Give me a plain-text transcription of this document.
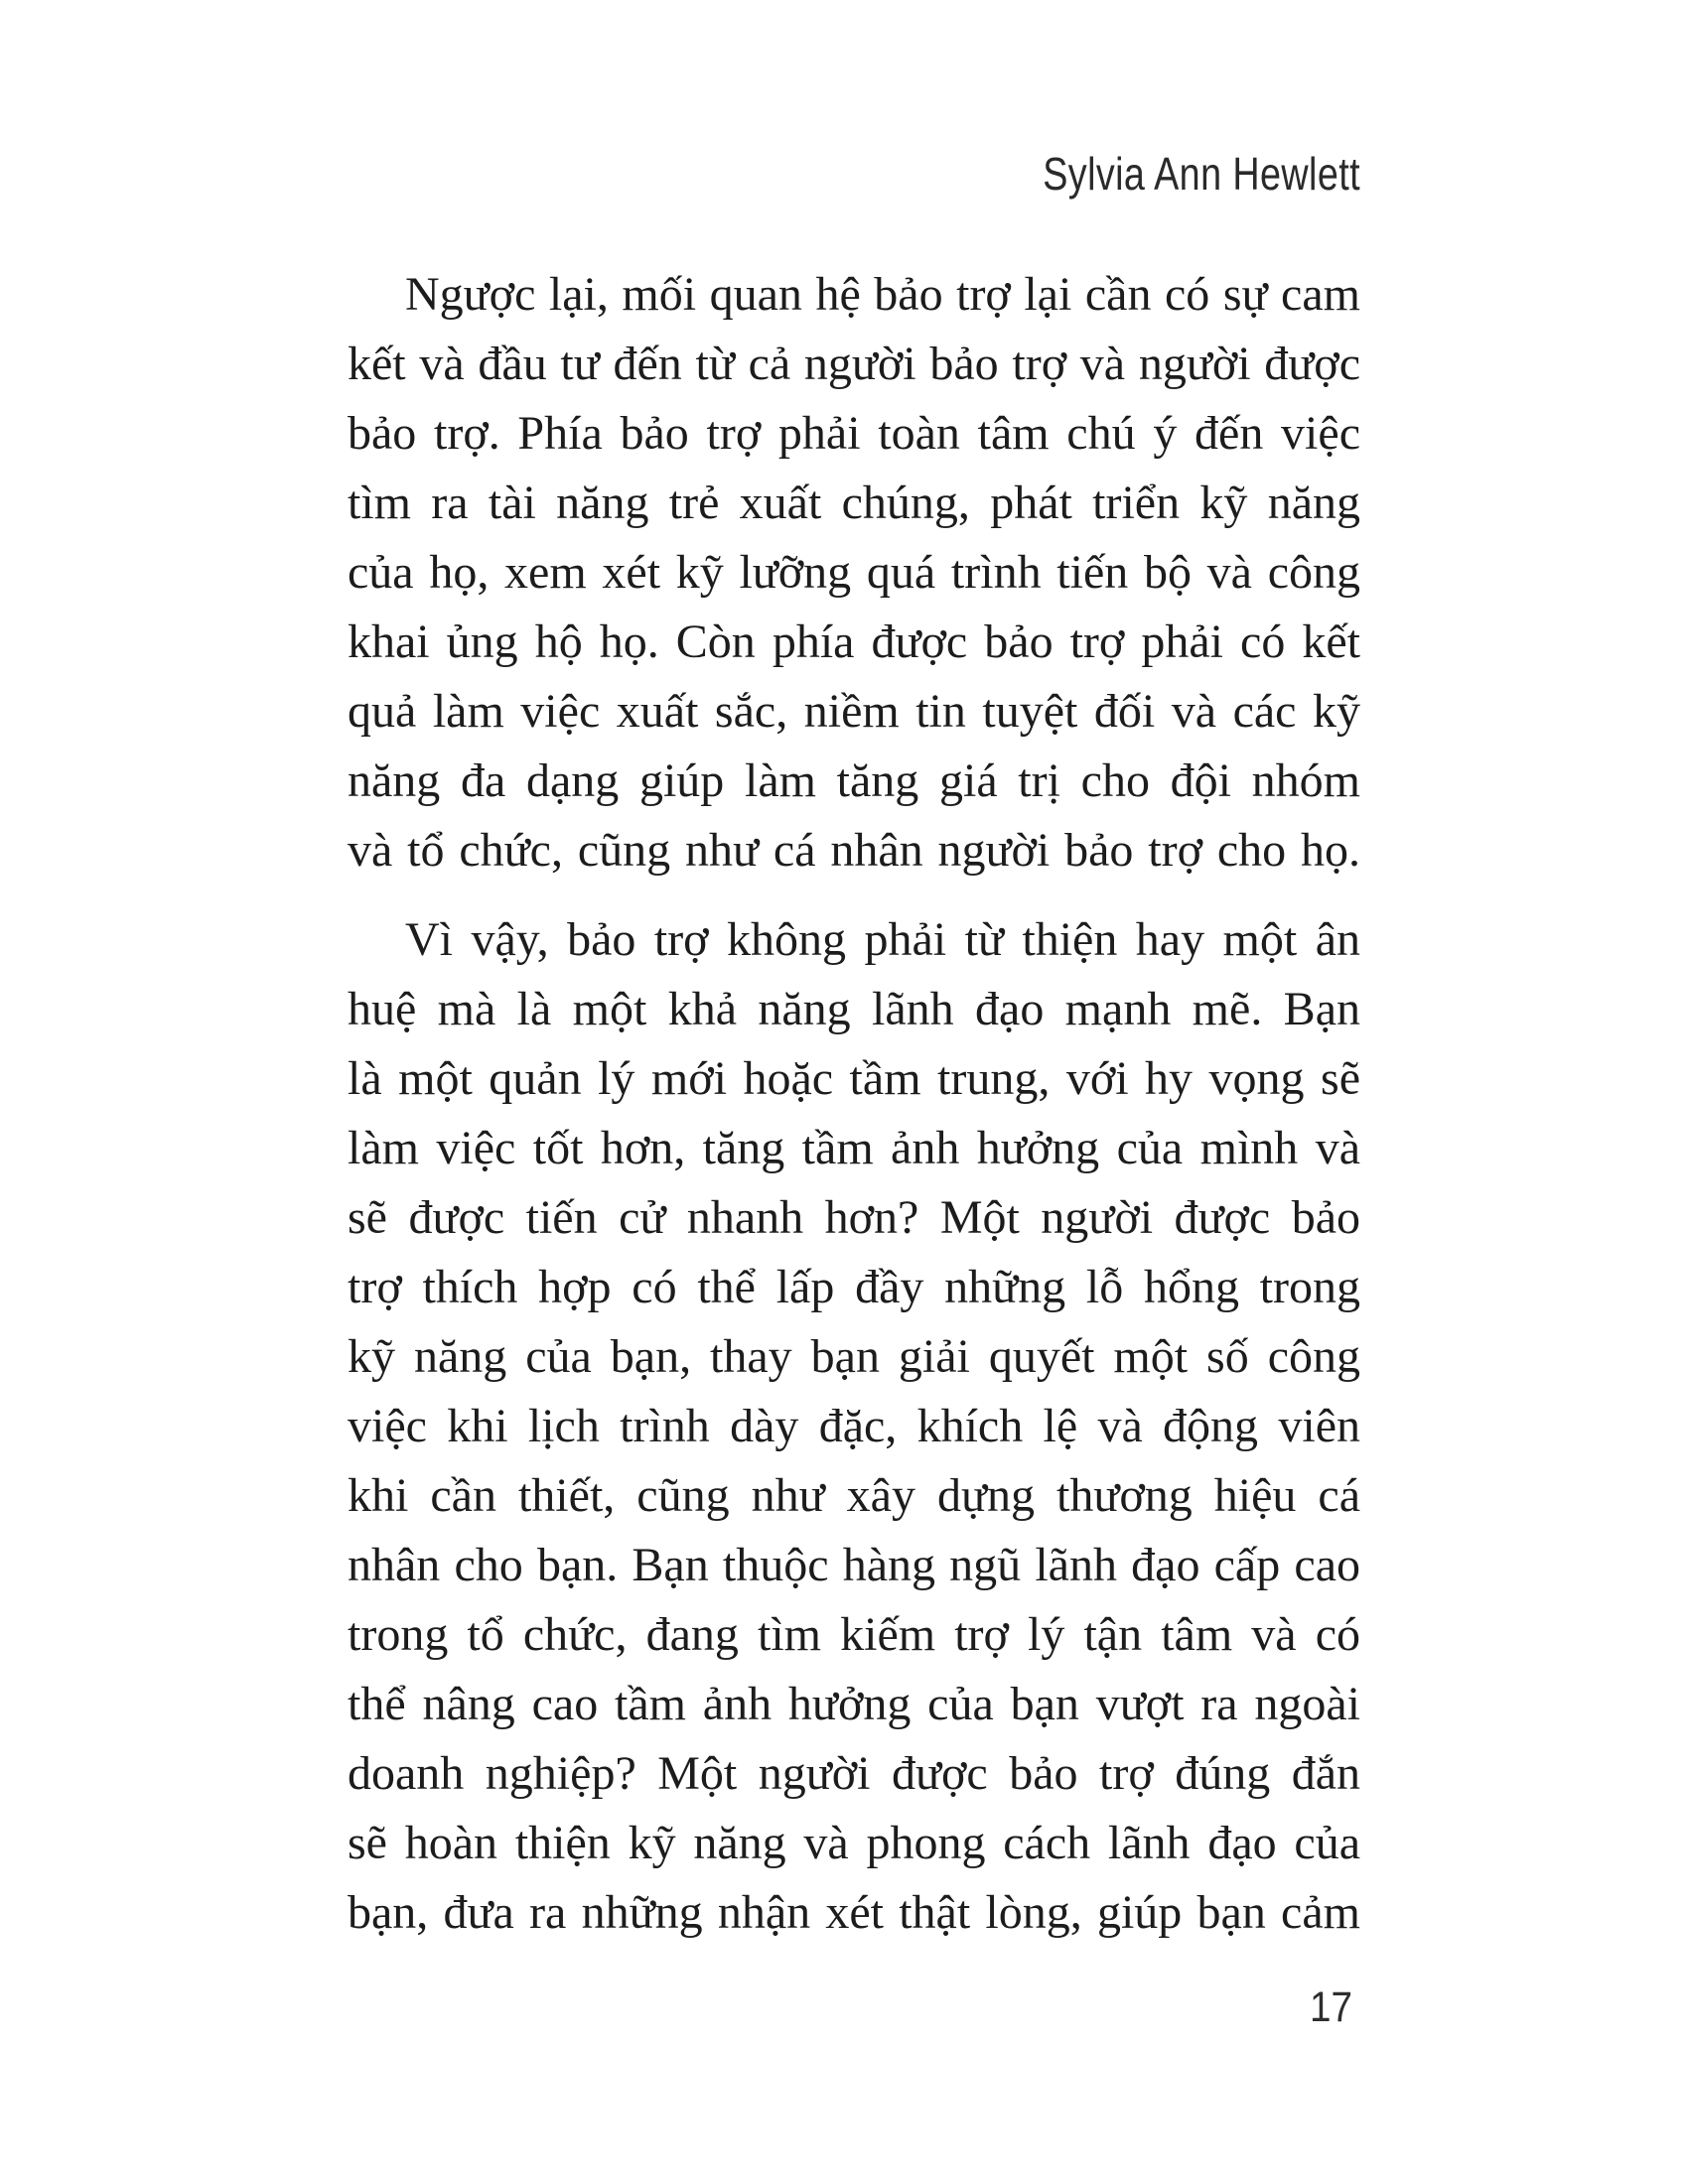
Sylvia Ann Hewlett
Ngược lại, mối quan hệ bảo trợ lại cần có sự cam
kết và đầu tư đến từ cả người bảo trợ và người được
bảo trợ. Phía bảo trợ phải toàn tâm chú ý đến việc
tìm ra tài năng trẻ xuất chúng, phát triển kỹ năng
của họ, xem xét kỹ lưỡng quá trình tiến bộ và công
khai ủng hộ họ. Còn phía được bảo trợ phải có kết
quả làm việc xuất sắc, niềm tin tuyệt đối và các kỹ
năng đa dạng giúp làm tăng giá trị cho đội nhóm
và tổ chức, cũng như cá nhân người bảo trợ cho họ.
Vì vậy, bảo trợ không phải từ thiện hay một ân
huệ mà là một khả năng lãnh đạo mạnh mẽ. Bạn
là một quản lý mới hoặc tầm trung, với hy vọng sẽ
làm việc tốt hơn, tăng tầm ảnh hưởng của mình và
sẽ được tiến cử nhanh hơn? Một người được bảo
trợ thích hợp có thể lấp đầy những lỗ hổng trong
kỹ năng của bạn, thay bạn giải quyết một số công
việc khi lịch trình dày đặc, khích lệ và động viên
khi cần thiết, cũng như xây dựng thương hiệu cá
nhân cho bạn. Bạn thuộc hàng ngũ lãnh đạo cấp cao
trong tổ chức, đang tìm kiếm trợ lý tận tâm và có
thể nâng cao tầm ảnh hưởng của bạn vượt ra ngoài
doanh nghiệp? Một người được bảo trợ đúng đắn
sẽ hoàn thiện kỹ năng và phong cách lãnh đạo của
bạn, đưa ra những nhận xét thật lòng, giúp bạn cảm
17
